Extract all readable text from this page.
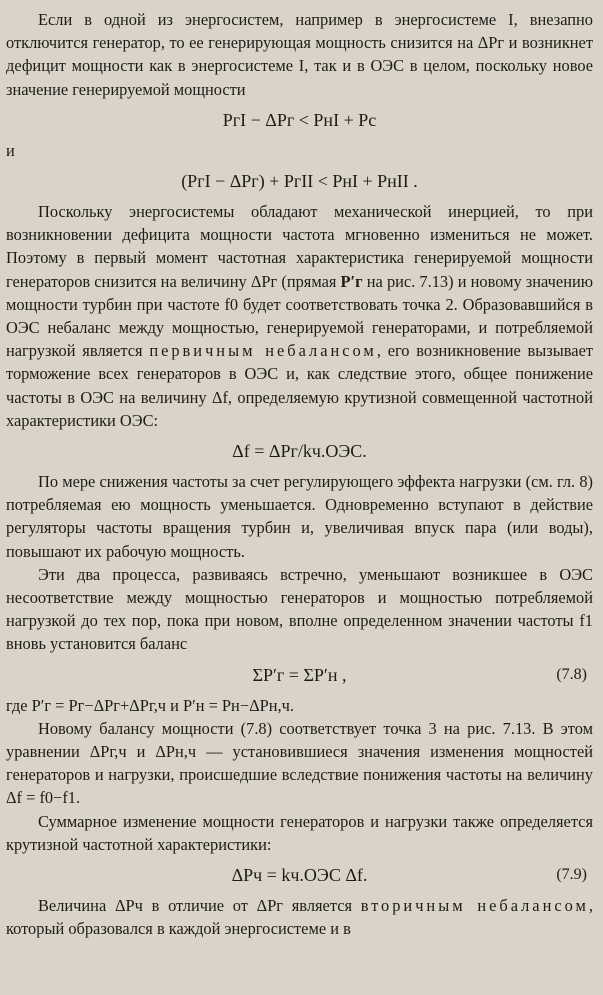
Если в одной из энергосистем, например в энергосистеме I, внезапно отключится генератор, то ее генерирующая мощность снизится на ΔPг и возникнет дефицит мощности как в энергосистеме I, так и в ОЭС в целом, поскольку новое значение генерируемой мощности

PгI − ΔPг < PнI + Pс

и

(PгI − ΔPг) + PгII < PнI + PнII .

Поскольку энергосистемы обладают механической инерцией, то при возникновении дефицита мощности частота мгновенно измениться не может. Поэтому в первый момент частотная характеристика генерируемой мощности генераторов снизится на величину ΔPг (прямая P′г на рис. 7.13) и новому значению мощности турбин при частоте f0 будет соответствовать точка 2. Образовавшийся в ОЭС небаланс между мощностью, генерируемой генераторами, и потребляемой нагрузкой является первичным небалансом, его возникновение вызывает торможение всех генераторов в ОЭС и, как следствие этого, общее понижение частоты в ОЭС на величину Δf, определяемую крутизной совмещенной частотной характеристики ОЭС:

Δf = ΔPг/kч.ОЭС.

По мере снижения частоты за счет регулирующего эффекта нагрузки (см. гл. 8) потребляемая ею мощность уменьшается. Одновременно вступают в действие регуляторы частоты вращения турбин и, увеличивая впуск пара (или воды), повышают их рабочую мощность.

Эти два процесса, развиваясь встречно, уменьшают возникшее в ОЭС несоответствие между мощностью генераторов и мощностью потребляемой нагрузкой до тех пор, пока при новом, вполне определенном значении частоты f1 вновь установится баланс

ΣP′г = ΣP′н ,	(7.8)

где P′г = Pг−ΔPг+ΔPг,ч и P′н = Pн−ΔPн,ч.

Новому балансу мощности (7.8) соответствует точка 3 на рис. 7.13. В этом уравнении ΔPг,ч и ΔPн,ч — установившиеся значения изменения мощностей генераторов и нагрузки, происшедшие вследствие понижения частоты на величину Δf = f0−f1.

Суммарное изменение мощности генераторов и нагрузки также определяется крутизной частотной характеристики:

ΔPч = kч.ОЭС Δf.	(7.9)

Величина ΔPч в отличие от ΔPг является вторичным небалансом, который образовался в каждой энергосистеме и в
